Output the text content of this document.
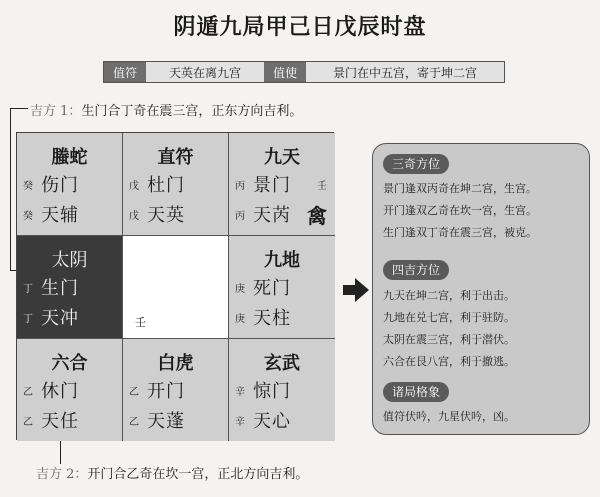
阴遁九局甲己日戊辰时盘
值符	天英在离九宫	值使	景门在中五宫，寄于坤二宫
吉方 1：生门合丁奇在震三宫，正东方向吉利。
螣蛇
癸 伤门
癸 天辅
直符
戊 杜门
戊 天英
九天
丙 景门	壬
丙 天芮 禽
太阴
丁 生门
丁 天冲	壬
九地
庚 死门
庚 天柱
六合
乙 休门
乙 天任
白虎
乙 开门
乙 天蓬
玄武
辛 惊门
辛 天心
三奇方位
景门逢双丙奇在坤二宫，生宫。
开门逢双乙奇在坎一宫，生宫。
生门逢双丁奇在震三宫，被克。
四吉方位
九天在坤二宫，利于出击。
九地在兑七宫，利于驻防。
太阴在震三宫，利于潜伏。
六合在艮八宫，利于撤逃。
诸局格象
值符伏吟，九星伏吟，凶。
吉方 2：开门合乙奇在坎一宫，正北方向吉利。
